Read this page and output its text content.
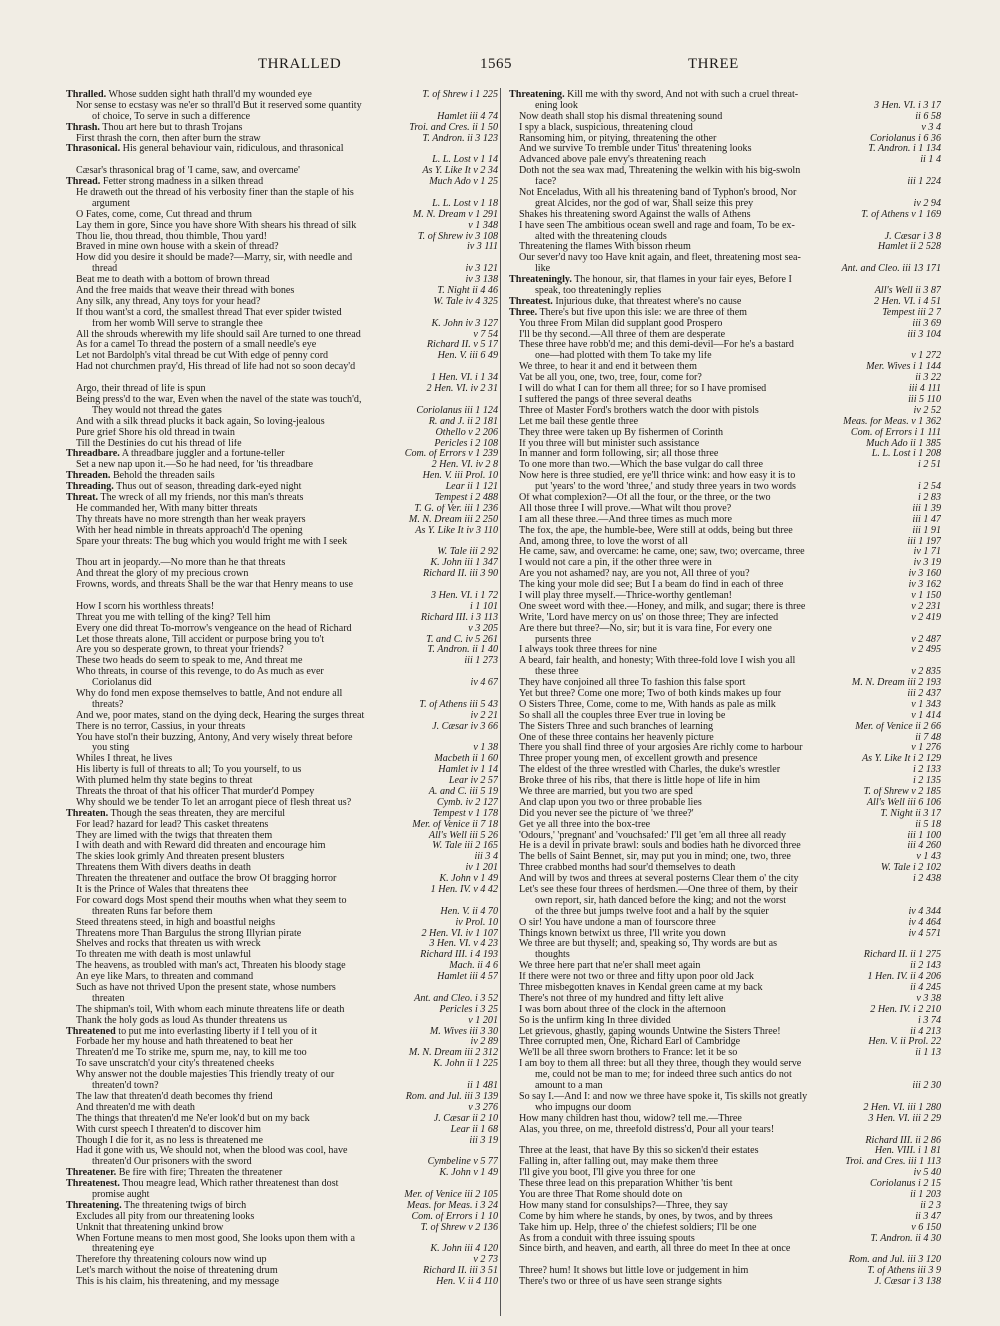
THRALLED	1565	THREE
Thralled. Whose sudden sight hath thrall'd my wounded eye	T. of Shrew i 1 225
Nor sense to ecstasy was ne'er so thrall'd But it reserved some quantity
of choice, To serve in such a difference	Hamlet iii 4 74
Thrash. Thou art here but to thrash Trojans	Troi. and Cres. ii 1 50
First thrash the corn, then after burn the straw	T. Andron. ii 3 123
Thrasonical. His general behaviour vain, ridiculous, and thrasonical
L. L. Lost v 1 14
Cæsar's thrasonical brag of 'I came, saw, and overcame'	As Y. Like It v 2 34
Thread. Fetter strong madness in a silken thread	Much Ado v 1 25
He draweth out the thread of his verbosity finer than the staple of his
argument	L. L. Lost v 1 18
O Fates, come, come, Cut thread and thrum	M. N. Dream v 1 291
Lay them in gore, Since you have shore With shears his thread of silk	v 1 348
Thou lie, thou thread, thou thimble, Thou yard!	T. of Shrew iv 3 108
Braved in mine own house with a skein of thread?	iv 3 111
How did you desire it should be made?—Marry, sir, with needle and
thread	iv 3 121
Beat me to death with a bottom of brown thread	iv 3 138
And the free maids that weave their thread with bones	T. Night ii 4 46
Any silk, any thread, Any toys for your head?	W. Tale iv 4 325
If thou want'st a cord, the smallest thread That ever spider twisted
from her womb Will serve to strangle thee	K. John iv 3 127
All the shrouds wherewith my life should sail Are turned to one thread	v 7 54
As for a camel To thread the postern of a small needle's eye	Richard II. v 5 17
Let not Bardolph's vital thread be cut With edge of penny cord	Hen. V. iii 6 49
Had not churchmen pray'd, His thread of life had not so soon decay'd
1 Hen. VI. i 1 34
Argo, their thread of life is spun	2 Hen. VI. iv 2 31
Being press'd to the war, Even when the navel of the state was touch'd,
They would not thread the gates	Coriolanus iii 1 124
And with a silk thread plucks it back again, So loving-jealous	R. and J. ii 2 181
Pure grief Shore his old thread in twain	Othello v 2 206
Till the Destinies do cut his thread of life	Pericles i 2 108
Threadbare. A threadbare juggler and a fortune-teller	Com. of Errors v 1 239
Set a new nap upon it.—So he had need, for 'tis threadbare	2 Hen. VI. iv 2 8
Threaden. Behold the threaden sails	Hen. V. iii Prol. 10
Threading. Thus out of season, threading dark-eyed night	Lear ii 1 121
Threat. The wreck of all my friends, nor this man's threats	Tempest i 2 488
He commanded her, With many bitter threats	T. G. of Ver. iii 1 236
Thy threats have no more strength than her weak prayers	M. N. Dream iii 2 250
With her head nimble in threats approach'd The opening	As Y. Like It iv 3 110
Spare your threats: The bug which you would fright me with I seek
W. Tale iii 2 92
Thou art in jeopardy.—No more than he that threats	K. John iii 1 347
And threat the glory of my precious crown	Richard II. iii 3 90
Frowns, words, and threats Shall be the war that Henry means to use
3 Hen. VI. i 1 72
How I scorn his worthless threats!	i 1 101
Threat you me with telling of the king? Tell him	Richard III. i 3 113
Every one did threat To-morrow's vengeance on the head of Richard	v 3 205
Let those threats alone, Till accident or purpose bring you to't	T. and C. iv 5 261
Are you so desperate grown, to threat your friends?	T. Andron. ii 1 40
These two heads do seem to speak to me, And threat me	iii 1 273
Who threats, in course of this revenge, to do As much as ever
Coriolanus did	iv 4 67
Why do fond men expose themselves to battle, And not endure all
threats?	T. of Athens iii 5 43
And we, poor mates, stand on the dying deck, Hearing the surges threat	iv 2 21
There is no terror, Cassius, in your threats	J. Cæsar iv 3 66
You have stol'n their buzzing, Antony, And very wisely threat before
you sting	v 1 38
Whiles I threat, he lives	Macbeth ii 1 60
His liberty is full of threats to all; To you yourself, to us	Hamlet iv 1 14
With plumed helm thy state begins to threat	Lear iv 2 57
Threats the throat of that his officer That murder'd Pompey	A. and C. iii 5 19
Why should we be tender To let an arrogant piece of flesh threat us?	Cymb. iv 2 127
Threaten. Though the seas threaten, they are merciful	Tempest v 1 178
For lead? hazard for lead? This casket threatens	Mer. of Venice ii 7 18
They are limed with the twigs that threaten them	All's Well iii 5 26
I with death and with Reward did threaten and encourage him	W. Tale iii 2 165
The skies look grimly And threaten present blusters	iii 3 4
Threatens them With divers deaths in death	iv 1 201
Threaten the threatener and outface the brow Of bragging horror	K. John v 1 49
It is the Prince of Wales that threatens thee	1 Hen. IV. v 4 42
For coward dogs Most spend their mouths when what they seem to
threaten Runs far before them	Hen. V. ii 4 70
Steed threatens steed, in high and boastful neighs	iv Prol. 10
Threatens more Than Bargulus the strong Illyrian pirate	2 Hen. VI. iv 1 107
Shelves and rocks that threaten us with wreck	3 Hen. VI. v 4 23
To threaten me with death is most unlawful	Richard III. i 4 193
The heavens, as troubled with man's act, Threaten his bloody stage	Mach. ii 4 6
An eye like Mars, to threaten and command	Hamlet iii 4 57
Such as have not thrived Upon the present state, whose numbers
threaten	Ant. and Cleo. i 3 52
The shipman's toil, With whom each minute threatens life or death	Pericles i 3 25
Thank the holy gods as loud As thunder threatens us	v 1 201
Threatened to put me into everlasting liberty if I tell you of it	M. Wives iii 3 30
Forbade her my house and hath threatened to beat her	iv 2 89
Threaten'd me To strike me, spurn me, nay, to kill me too	M. N. Dream iii 2 312
To save unscratch'd your city's threatened cheeks	K. John ii 1 225
Why answer not the double majesties This friendly treaty of our
threaten'd town?	ii 1 481
The law that threaten'd death becomes thy friend	Rom. and Jul. iii 3 139
And threaten'd me with death	v 3 276
The things that threaten'd me Ne'er look'd but on my back	J. Cæsar ii 2 10
With curst speech I threaten'd to discover him	Lear ii 1 68
Though I die for it, as no less is threatened me	iii 3 19
Had it gone with us, We should not, when the blood was cool, have
threaten'd Our prisoners with the sword	Cymbeline v 5 77
Threatener. Be fire with fire; Threaten the threatener	K. John v 1 49
Threatenest. Thou meagre lead, Which rather threatenest than dost
promise aught	Mer. of Venice iii 2 105
Threatening. The threatening twigs of birch	Meas. for Meas. i 3 24
Excludes all pity from our threatening looks	Com. of Errors i 1 10
Unknit that threatening unkind brow	T. of Shrew v 2 136
When Fortune means to men most good, She looks upon them with a
threatening eye	K. John iii 4 120
Therefore thy threatening colours now wind up	v 2 73
Let's march without the noise of threatening drum	Richard II. iii 3 51
This is his claim, his threatening, and my message	Hen. V. ii 4 110
Threatening. Kill me with thy sword, And not with such a cruel threat-
ening look	3 Hen. VI. i 3 17
Now death shall stop his dismal threatening sound	ii 6 58
I spy a black, suspicious, threatening cloud	v 3 4
Ransoming him, or pitying, threatening the other	Coriolanus i 6 36
And we survive To tremble under Titus' threatening looks	T. Andron. i 1 134
Advanced above pale envy's threatening reach	ii 1 4
Doth not the sea wax mad, Threatening the welkin with his big-swoln
face?	iii 1 224
Not Enceladus, With all his threatening band of Typhon's brood, Nor
great Alcides, nor the god of war, Shall seize this prey	iv 2 94
Shakes his threatening sword Against the walls of Athens	T. of Athens v 1 169
I have seen The ambitious ocean swell and rage and foam, To be ex-
alted with the threatening clouds	J. Cæsar i 3 8
Threatening the flames With bisson rheum	Hamlet ii 2 528
Our sever'd navy too Have knit again, and fleet, threatening most sea-
like	Ant. and Cleo. iii 13 171
Threateningly. The honour, sir, that flames in your fair eyes, Before I
speak, too threateningly replies	All's Well ii 3 87
Threatest. Injurious duke, that threatest where's no cause	2 Hen. VI. i 4 51
Three. There's but five upon this isle: we are three of them	Tempest iii 2 7
You three From Milan did supplant good Prospero	iii 3 69
I'll be thy second.—All three of them are desperate	iii 3 104
These three have robb'd me; and this demi-devil—For he's a bastard
one—had plotted with them To take my life	v 1 272
We three, to hear it and end it between them	Mer. Wives i 1 144
Vat be all you, one, two, tree, four, come for?	ii 3 22
I will do what I can for them all three; for so I have promised	iii 4 111
I suffered the pangs of three several deaths	iii 5 110
Three of Master Ford's brothers watch the door with pistols	iv 2 52
Let me bail these gentle three	Meas. for Meas. v 1 362
They three were taken up By fishermen of Corinth	Com. of Errors i 1 111
If you three will but minister such assistance	Much Ado ii 1 385
In manner and form following, sir; all those three	L. L. Lost i 1 208
To one more than two.—Which the base vulgar do call three	i 2 51
Now here is three studied, ere ye'll thrice wink: and how easy it is to
put 'years' to the word 'three,' and study three years in two words	i 2 54
Of what complexion?—Of all the four, or the three, or the two	i 2 83
All those three I will prove.—What wilt thou prove?	iii 1 39
I am all these three.—And three times as much more	iii 1 47
The fox, the ape, the humble-bee, Were still at odds, being but three	iii 1 91
And, among three, to love the worst of all	iii 1 197
He came, saw, and overcame: he came, one; saw, two; overcame, three	iv 1 71
I would not care a pin, if the other three were in	iv 3 19
Are you not ashamed? nay, are you not, All three of you?	iv 3 160
The king your mole did see; But I a beam do find in each of three	iv 3 162
I will play three myself.—Thrice-worthy gentleman!	v 1 150
One sweet word with thee.—Honey, and milk, and sugar; there is three	v 2 231
Write, 'Lord have mercy on us' on those three; They are infected	v 2 419
Are there but three?—No, sir; but it is vara fine, For every one
pursents three	v 2 487
I always took three threes for nine	v 2 495
A beard, fair health, and honesty; With three-fold love I wish you all
these three	v 2 835
They have conjoined all three To fashion this false sport	M. N. Dream iii 2 193
Yet but three? Come one more; Two of both kinds makes up four	iii 2 437
O Sisters Three, Come, come to me, With hands as pale as milk	v 1 343
So shall all the couples three Ever true in loving be	v 1 414
The Sisters Three and such branches of learning	Mer. of Venice ii 2 66
One of these three contains her heavenly picture	ii 7 48
There you shall find three of your argosies Are richly come to harbour	v 1 276
Three proper young men, of excellent growth and presence	As Y. Like It i 2 129
The eldest of the three wrestled with Charles, the duke's wrestler	i 2 133
Broke three of his ribs, that there is little hope of life in him	i 2 135
We three are married, but you two are sped	T. of Shrew v 2 185
And clap upon you two or three probable lies	All's Well iii 6 106
Did you never see the picture of 'we three?'	T. Night ii 3 17
Get ye all three into the box-tree	ii 5 18
'Odours,' 'pregnant' and 'vouchsafed:' I'll get 'em all three all ready	iii 1 100
He is a devil in private brawl: souls and bodies hath he divorced three	iii 4 260
The bells of Saint Bennet, sir, may put you in mind; one, two, three	v 1 43
Three crabbed months had sour'd themselves to death	W. Tale i 2 102
And will by twos and threes at several posterns Clear them o' the city	i 2 438
Let's see these four threes of herdsmen.—One three of them, by their
own report, sir, hath danced before the king; and not the worst
of the three but jumps twelve foot and a half by the squier	iv 4 344
O sir! You have undone a man of fourscore three	iv 4 464
Things known betwixt us three, I'll write you down	iv 4 571
We three are but thyself; and, speaking so, Thy words are but as
thoughts	Richard II. ii 1 275
We three here part that ne'er shall meet again	ii 2 143
If there were not two or three and fifty upon poor old Jack	1 Hen. IV. ii 4 206
Three misbegotten knaves in Kendal green came at my back	ii 4 245
There's not three of my hundred and fifty left alive	v 3 38
I was born about three of the clock in the afternoon	2 Hen. IV. i 2 210
So is the unfirm king In three divided	i 3 74
Let grievous, ghastly, gaping wounds Untwine the Sisters Three!	ii 4 213
Three corrupted men, One, Richard Earl of Cambridge	Hen. V. ii Prol. 22
We'll be all three sworn brothers to France: let it be so	ii 1 13
I am boy to them all three: but all they three, though they would serve
me, could not be man to me; for indeed three such antics do not
amount to a man	iii 2 30
So say I.—And I: and now we three have spoke it, Tis skills not greatly
who impugns our doom	2 Hen. VI. iii 1 280
How many children hast thou, widow? tell me.—Three	3 Hen. VI. iii 2 29
Alas, you three, on me, threefold distress'd, Pour all your tears!
Richard III. ii 2 86
Three at the least, that have By this so sicken'd their estates	Hen. VIII. i 1 81
Falling in, after falling out, may make them three	Troi. and Cres. iii 1 113
I'll give you boot, I'll give you three for one	iv 5 40
These three lead on this preparation Whither 'tis bent	Coriolanus i 2 15
You are three That Rome should dote on	ii 1 203
How many stand for consulships?—Three, they say	ii 2 3
Come by him where he stands, by ones, by twos, and by threes	ii 3 47
Take him up. Help, three o' the chiefest soldiers; I'll be one	v 6 150
As from a conduit with three issuing spouts	T. Andron. ii 4 30
Since birth, and heaven, and earth, all three do meet In thee at once
Rom. and Jul. iii 3 120
Three? hum! It shows but little love or judgement in him	T. of Athens iii 3 9
There's two or three of us have seen strange sights	J. Cæsar i 3 138
